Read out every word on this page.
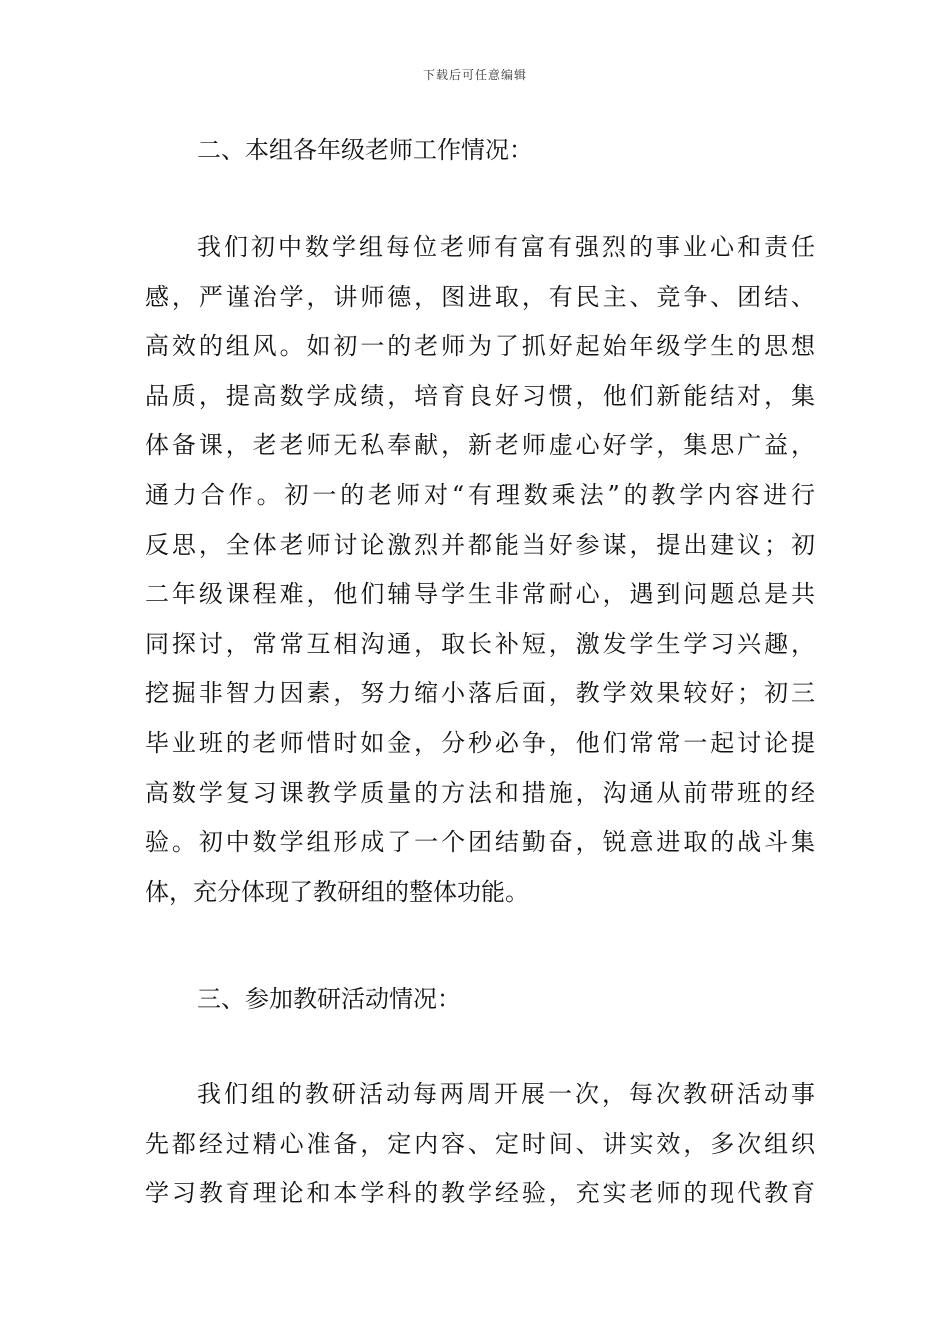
下载后可任意编辑
二、本组各年级老师工作情况：
我们初中数学组每位老师有富有强烈的事业心和责任
感，严谨治学，讲师德，图进取，有民主、竞争、团结、
高效的组风。如初一的老师为了抓好起始年级学生的思想
品质，提高数学成绩，培育良好习惯，他们新能结对，集
体备课，老老师无私奉献，新老师虚心好学，集思广益，
通力合作。初一的老师对“有理数乘法”的教学内容进行
反思，全体老师讨论激烈并都能当好参谋，提出建议；初
二年级课程难，他们辅导学生非常耐心，遇到问题总是共
同探讨，常常互相沟通，取长补短，激发学生学习兴趣，
挖掘非智力因素，努力缩小落后面，教学效果较好；初三
毕业班的老师惜时如金，分秒必争，他们常常一起讨论提
高数学复习课教学质量的方法和措施，沟通从前带班的经
验。初中数学组形成了一个团结勤奋，锐意进取的战斗集
体，充分体现了教研组的整体功能。
三、参加教研活动情况：
我们组的教研活动每两周开展一次，每次教研活动事
先都经过精心准备，定内容、定时间、讲实效，多次组织
学习教育理论和本学科的教学经验，充实老师的现代教育
